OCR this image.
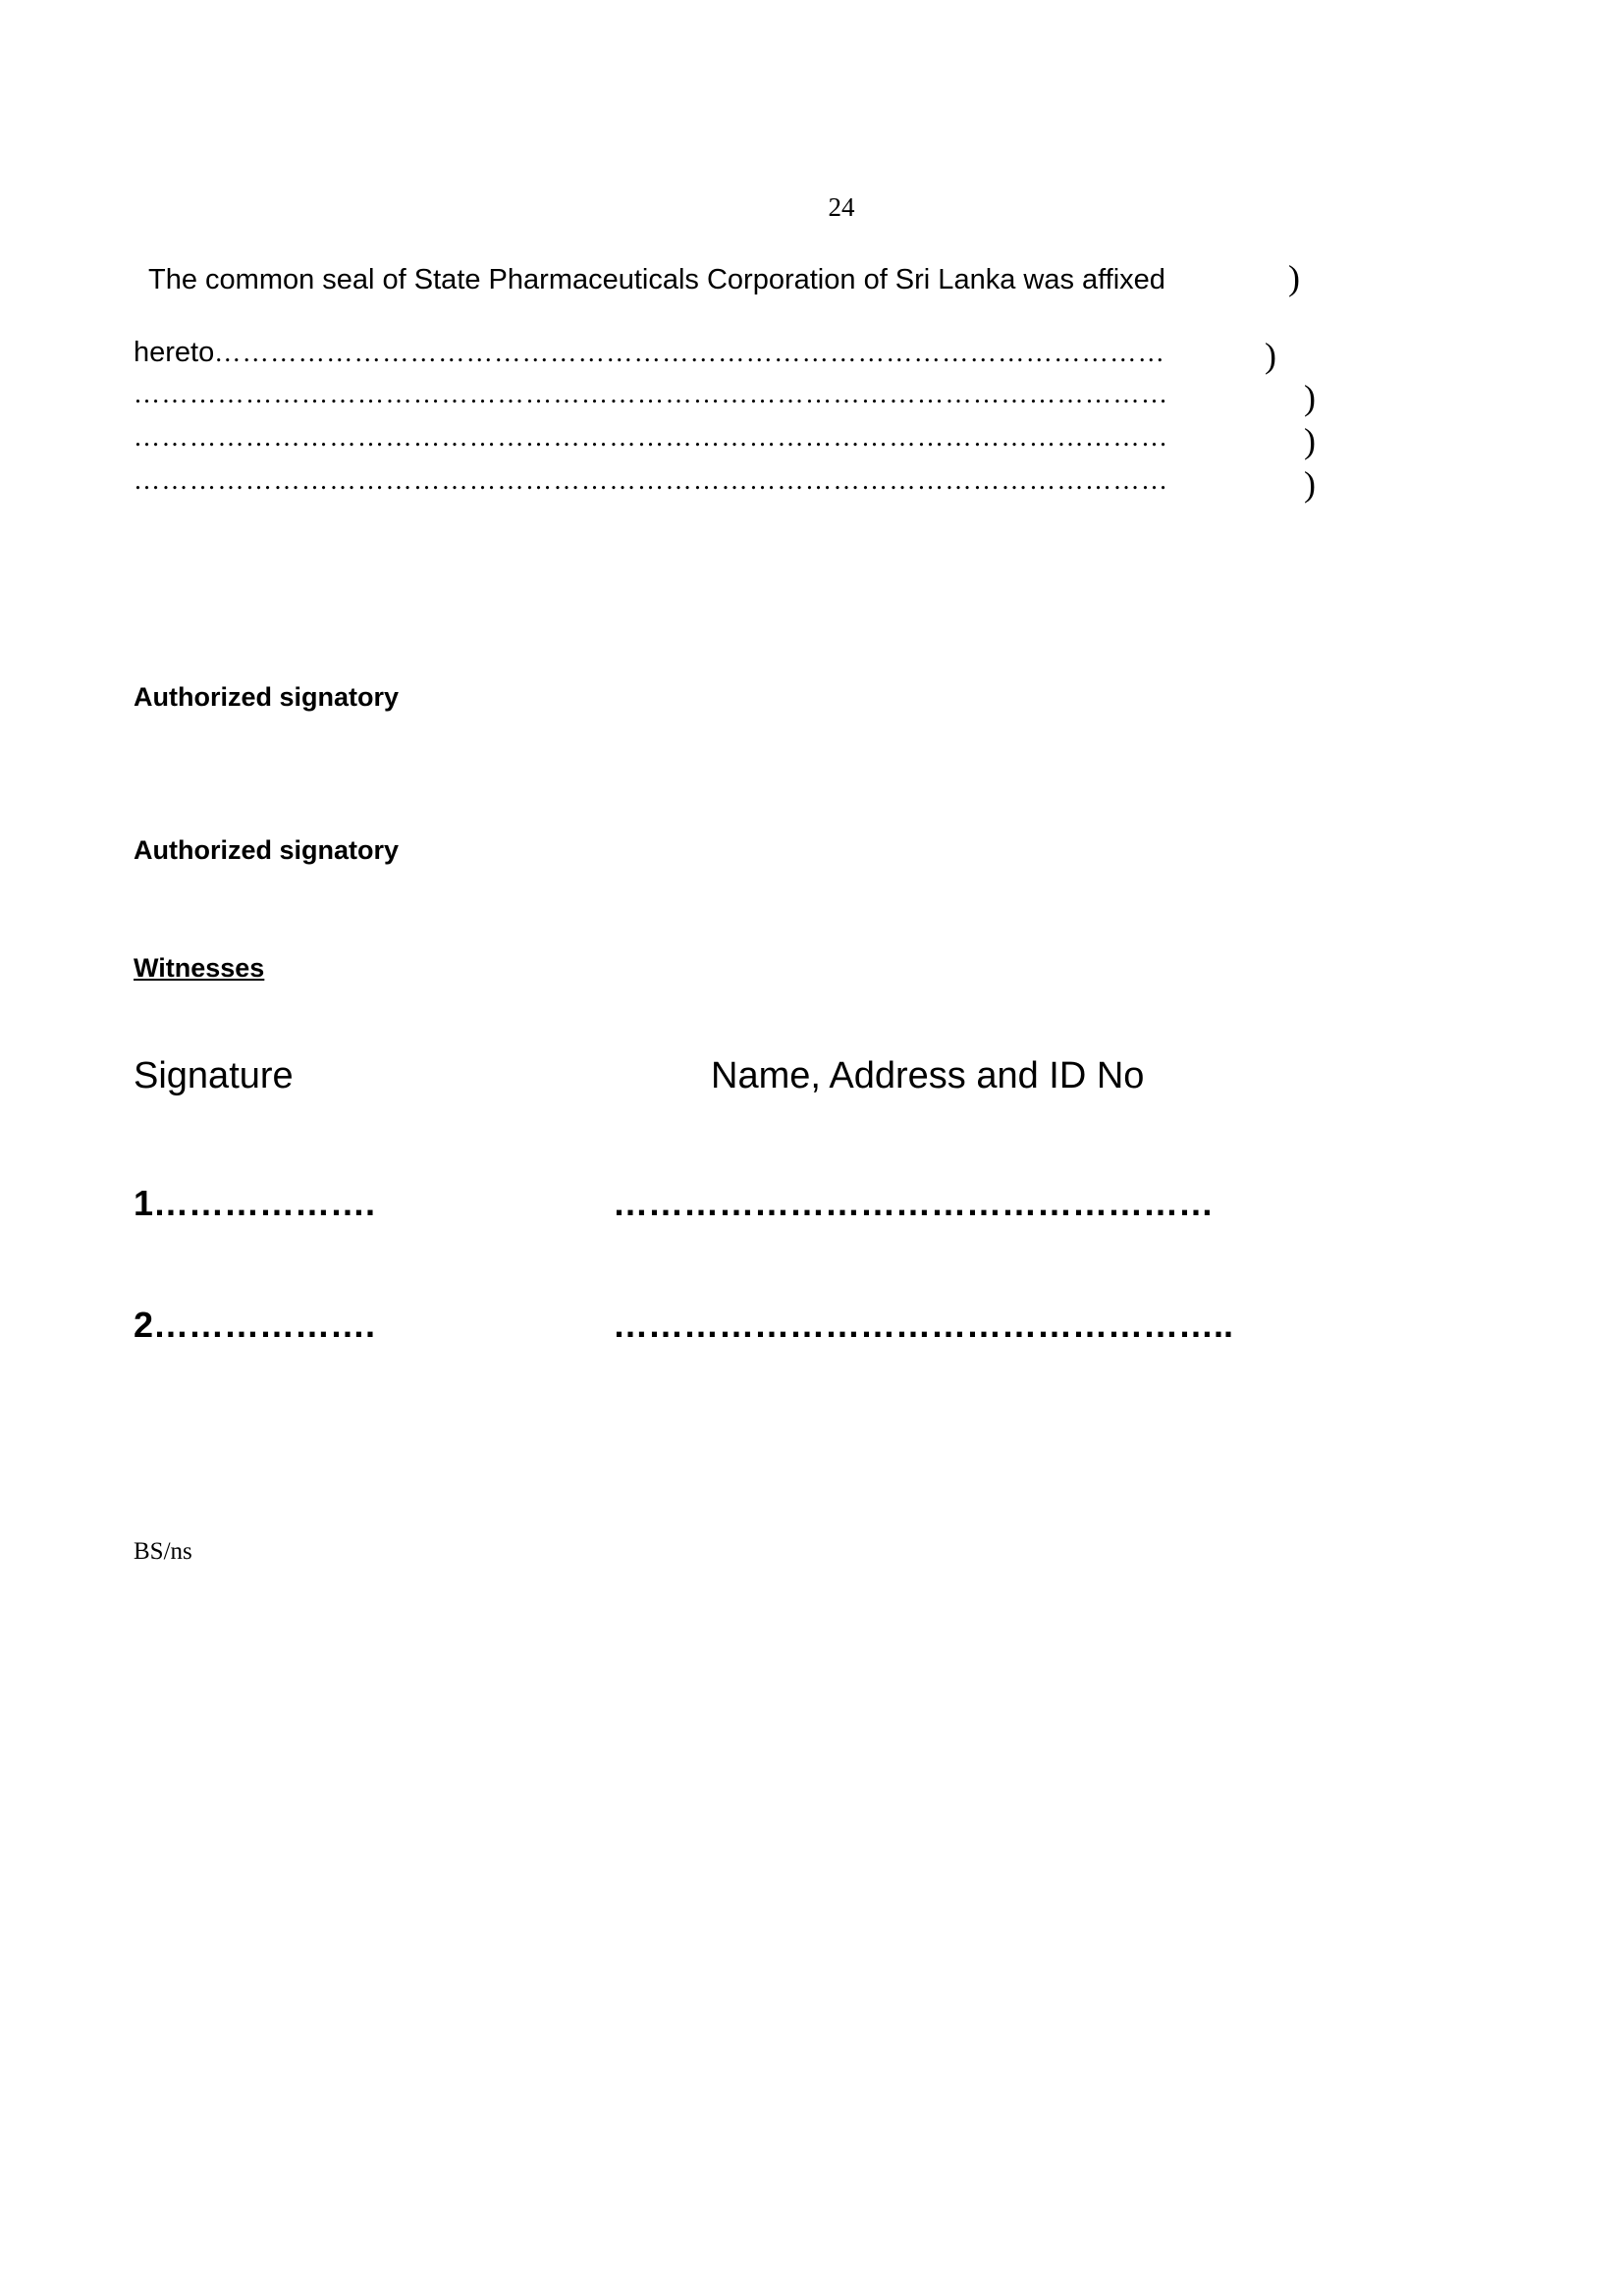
24
The common seal of State Pharmaceuticals Corporation of Sri Lanka was affixed	)
hereto…………………………………………………………………………………………	)
…………………………………………………………………………………………………	)
…………………………………………………………………………………………………	)
…………………………………………………………………………………………………	)
Authorized signatory
Authorized signatory
Witnesses
Signature	Name, Address and ID No
1……………….	……………………………………………
2……………….	……………………………………………..
BS/ns
